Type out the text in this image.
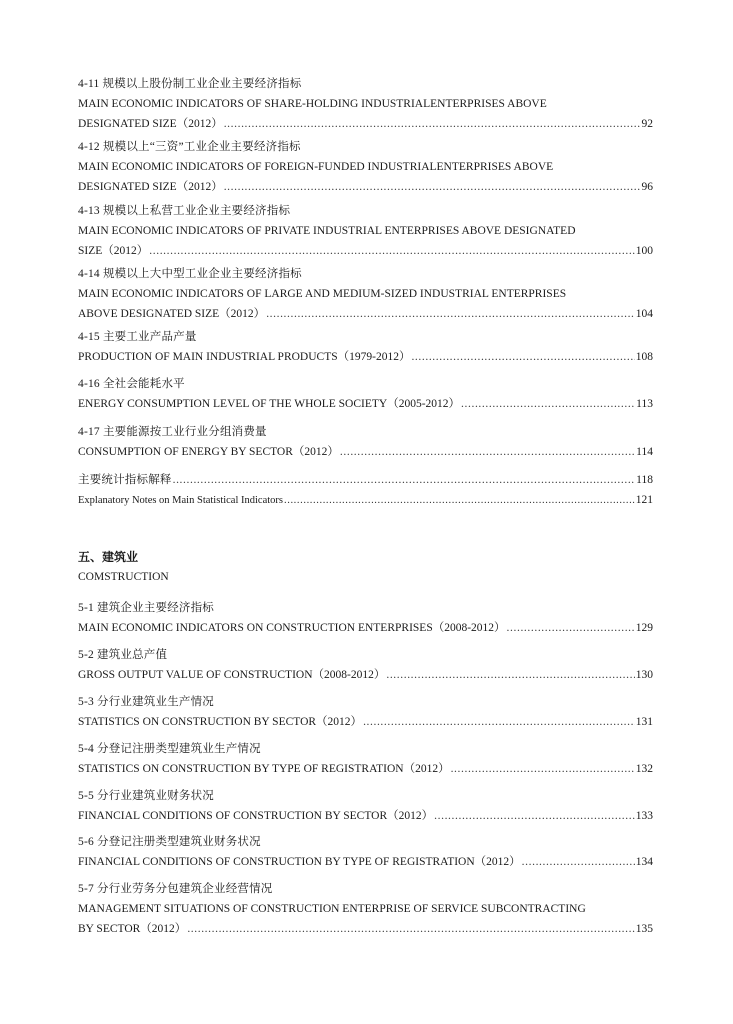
4-11 规模以上股份制工业企业主要经济指标
MAIN ECONOMIC INDICATORS OF SHARE-HOLDING INDUSTRIALENTERPRISES ABOVE
DESIGNATED SIZE（2012） .....	92
4-12 规模以上“三资”工业企业主要经济指标
MAIN ECONOMIC INDICATORS OF FOREIGN-FUNDED INDUSTRIALENTERPRISES ABOVE
DESIGNATED SIZE（2012） .....	96
4-13 规模以上私营工业企业主要经济指标
MAIN ECONOMIC INDICATORS OF PRIVATE INDUSTRIAL ENTERPRISES ABOVE DESIGNATED
SIZE（2012） .....	100
4-14 规模以上大中型工业企业主要经济指标
MAIN ECONOMIC INDICATORS OF LARGE AND MEDIUM-SIZED INDUSTRIAL ENTERPRISES
ABOVE DESIGNATED SIZE（2012） .....	104
4-15 主要工业产品产量
PRODUCTION OF MAIN INDUSTRIAL PRODUCTS（1979-2012） .....	108
4-16 全社会能耗水平
ENERGY CONSUMPTION LEVEL OF THE WHOLE SOCIETY（2005-2012） .....	113
4-17 主要能源按工业行业分组消费量
CONSUMPTION OF ENERGY BY SECTOR（2012） .....	114
主要统计指标解释 .....	118
Explanatory Notes on Main Statistical Indicators .....	121
五、建筑业
COMSTRUCTION
5-1 建筑企业主要经济指标
MAIN ECONOMIC INDICATORS ON CONSTRUCTION ENTERPRISES（2008-2012） .....	129
5-2 建筑业总产值
GROSS OUTPUT VALUE OF CONSTRUCTION（2008-2012） .....	130
5-3 分行业建筑业生产情况
STATISTICS ON CONSTRUCTION BY SECTOR（2012） .....	131
5-4 分登记注册类型建筑业生产情况
STATISTICS ON CONSTRUCTION BY TYPE OF REGISTRATION（2012） .....	132
5-5 分行业建筑业财务状况
FINANCIAL CONDITIONS OF CONSTRUCTION BY SECTOR（2012） .....	133
5-6 分登记注册类型建筑业财务状况
FINANCIAL CONDITIONS OF CONSTRUCTION BY TYPE OF REGISTRATION（2012） .....	134
5-7 分行业劳务分包建筑企业经营情况
MANAGEMENT SITUATIONS OF CONSTRUCTION ENTERPRISE OF SERVICE SUBCONTRACTING
BY SECTOR（2012） .....	135
